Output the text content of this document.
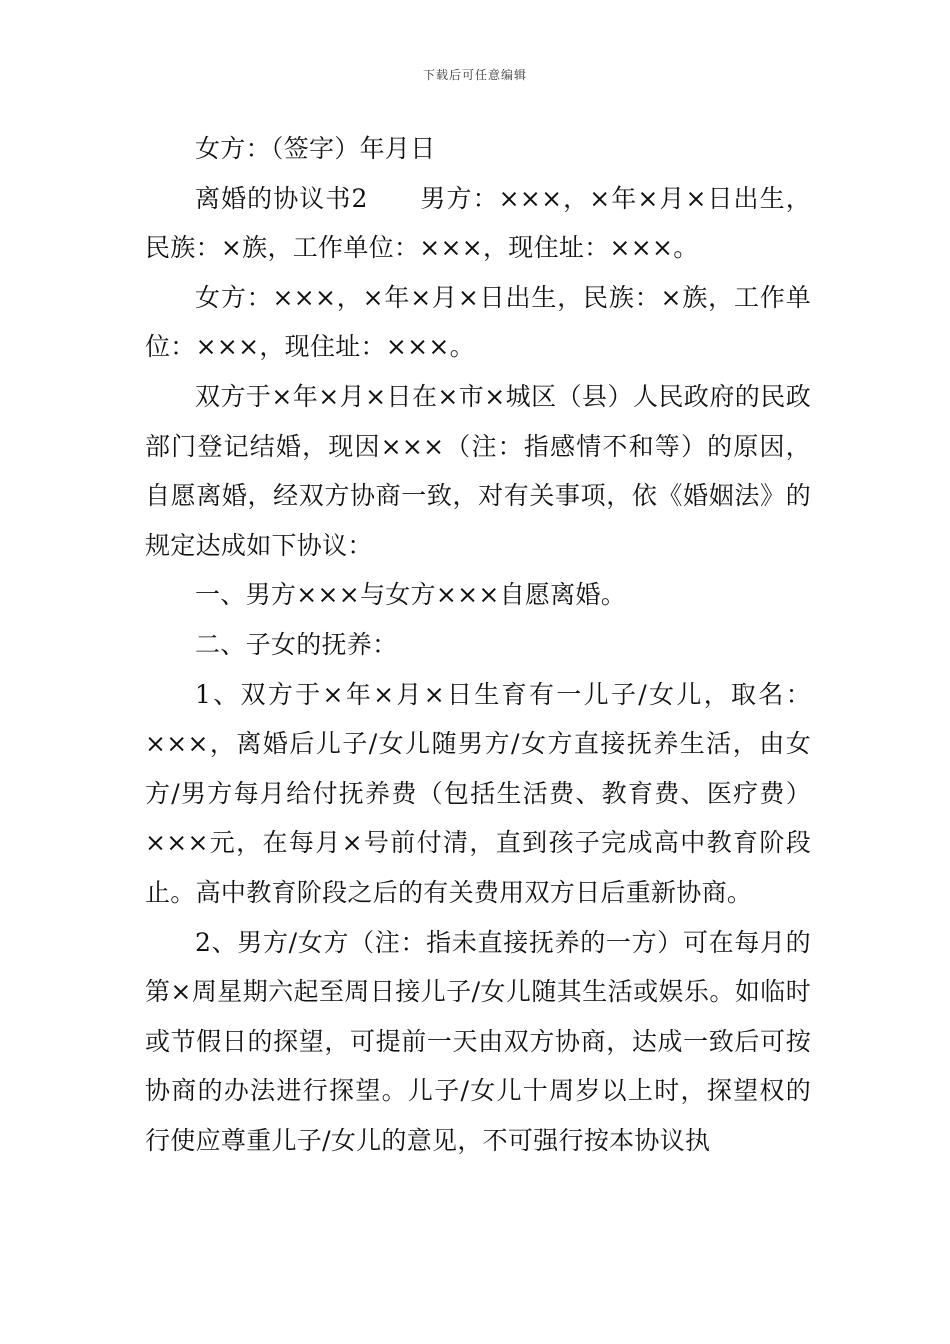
下载后可任意编辑

女方：（签字）年月日

离婚的协议书2 男方：×××，×年×月×日出生，民族：×族，工作单位：×××，现住址：×××。

女方：×××，×年×月×日出生，民族：×族，工作单位：×××，现住址：×××。

双方于×年×月×日在×市×城区（县）人民政府的民政部门登记结婚，现因×××（注：指感情不和等）的原因，自愿离婚，经双方协商一致，对有关事项，依《婚姻法》的规定达成如下协议：

一、男方×××与女方×××自愿离婚。

二、子女的抚养：

1、双方于×年×月×日生育有一儿子/女儿，取名：×××，离婚后儿子/女儿随男方/女方直接抚养生活，由女方/男方每月给付抚养费（包括生活费、教育费、医疗费）×××元，在每月×号前付清，直到孩子完成高中教育阶段止。高中教育阶段之后的有关费用双方日后重新协商。

2、男方/女方（注：指未直接抚养的一方）可在每月的第×周星期六起至周日接儿子/女儿随其生活或娱乐。如临时或节假日的探望，可提前一天由双方协商，达成一致后可按协商的办法进行探望。儿子/女儿十周岁以上时，探望权的行使应尊重儿子/女儿的意见，不可强行按本协议执
